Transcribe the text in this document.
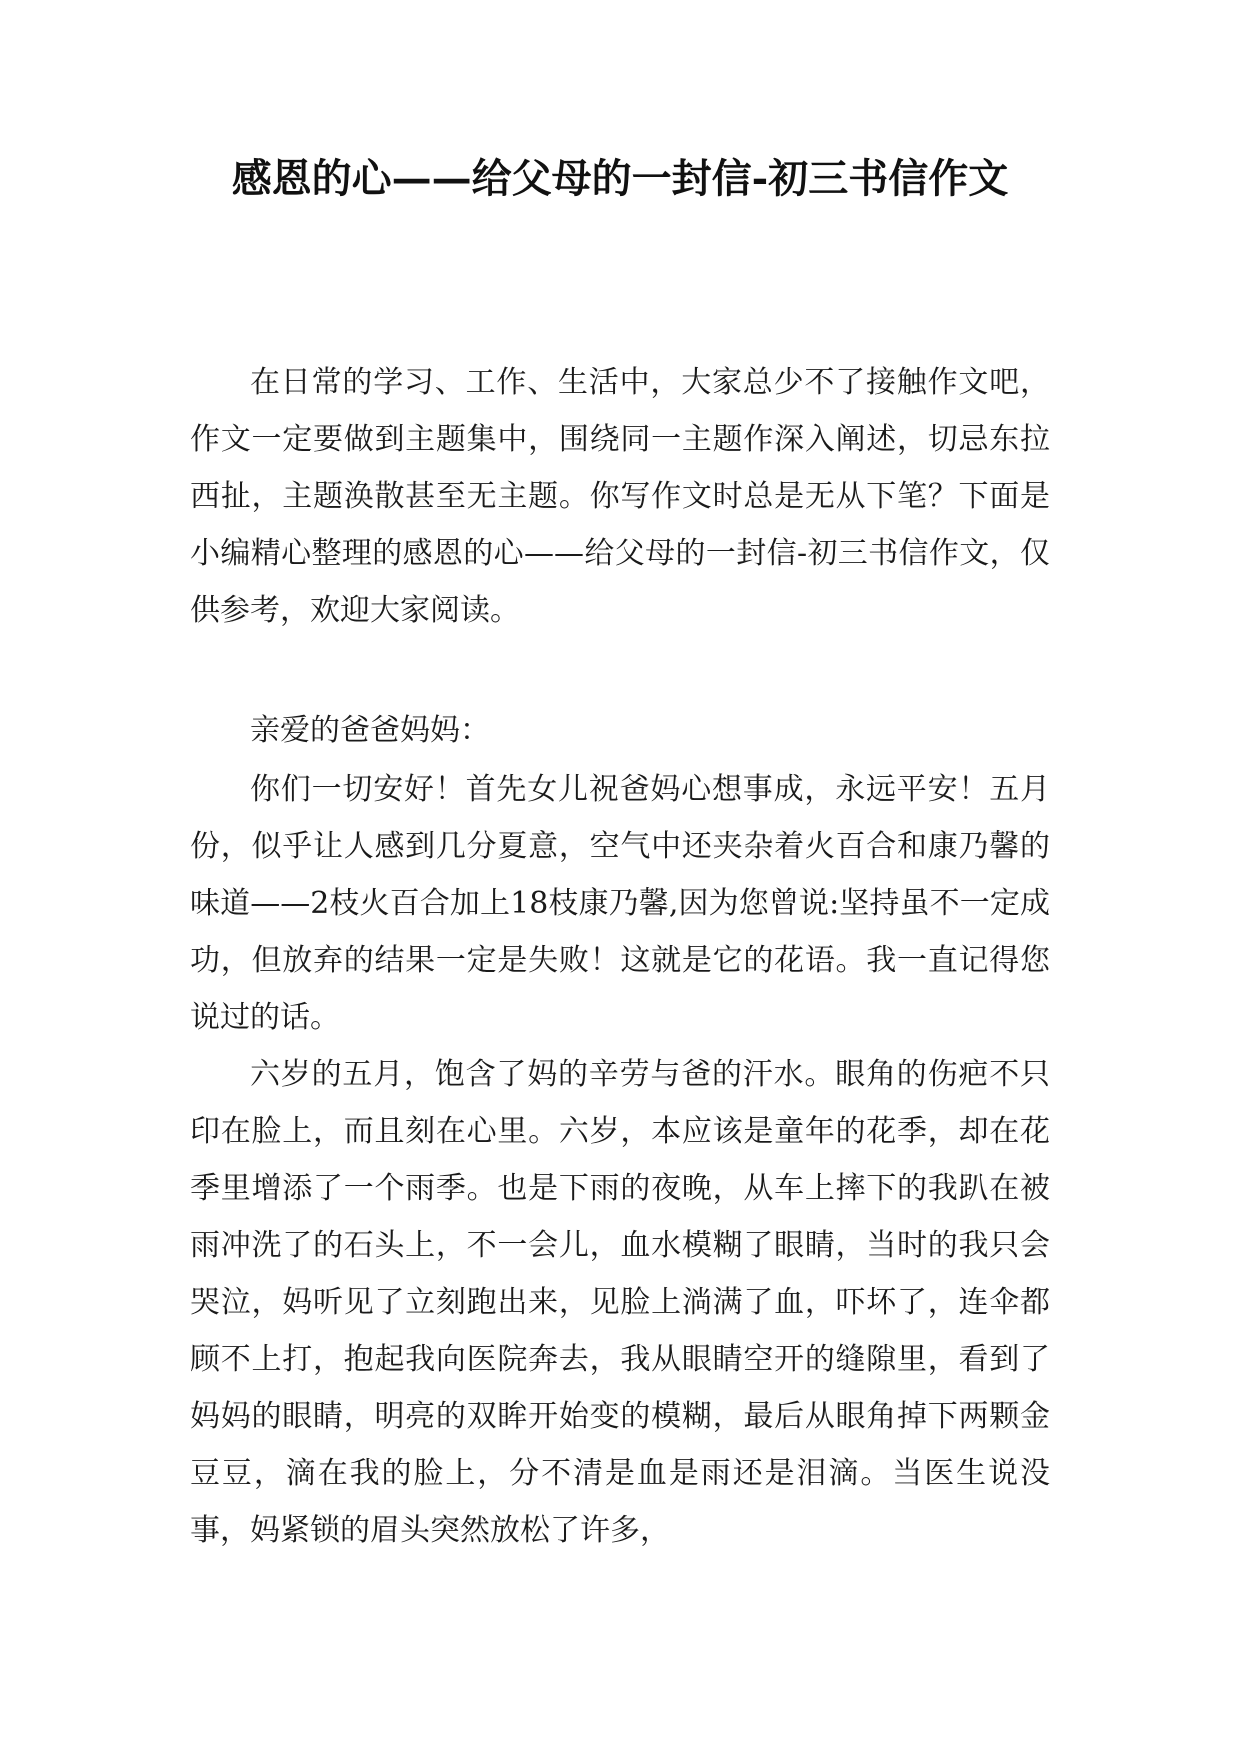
感恩的心——给父母的一封信-初三书信作文

在日常的学习、工作、生活中，大家总少不了接触作文吧，作文一定要做到主题集中，围绕同一主题作深入阐述，切忌东拉西扯，主题涣散甚至无主题。你写作文时总是无从下笔？下面是小编精心整理的感恩的心——给父母的一封信-初三书信作文，仅供参考，欢迎大家阅读。

亲爱的爸爸妈妈：

你们一切安好！首先女儿祝爸妈心想事成，永远平安！五月份，似乎让人感到几分夏意，空气中还夹杂着火百合和康乃馨的味道——2枝火百合加上18枝康乃馨,因为您曾说:坚持虽不一定成功，但放弃的结果一定是失败！这就是它的花语。我一直记得您说过的话。

六岁的五月，饱含了妈的辛劳与爸的汗水。眼角的伤疤不只印在脸上，而且刻在心里。六岁，本应该是童年的花季，却在花季里增添了一个雨季。也是下雨的夜晚，从车上摔下的我趴在被雨冲洗了的石头上，不一会儿，血水模糊了眼睛，当时的我只会哭泣，妈听见了立刻跑出来，见脸上淌满了血，吓坏了，连伞都顾不上打，抱起我向医院奔去，我从眼睛空开的缝隙里，看到了妈妈的眼睛，明亮的双眸开始变的模糊，最后从眼角掉下两颗金豆豆，滴在我的脸上，分不清是血是雨还是泪滴。当医生说没事，妈紧锁的眉头突然放松了许多，
